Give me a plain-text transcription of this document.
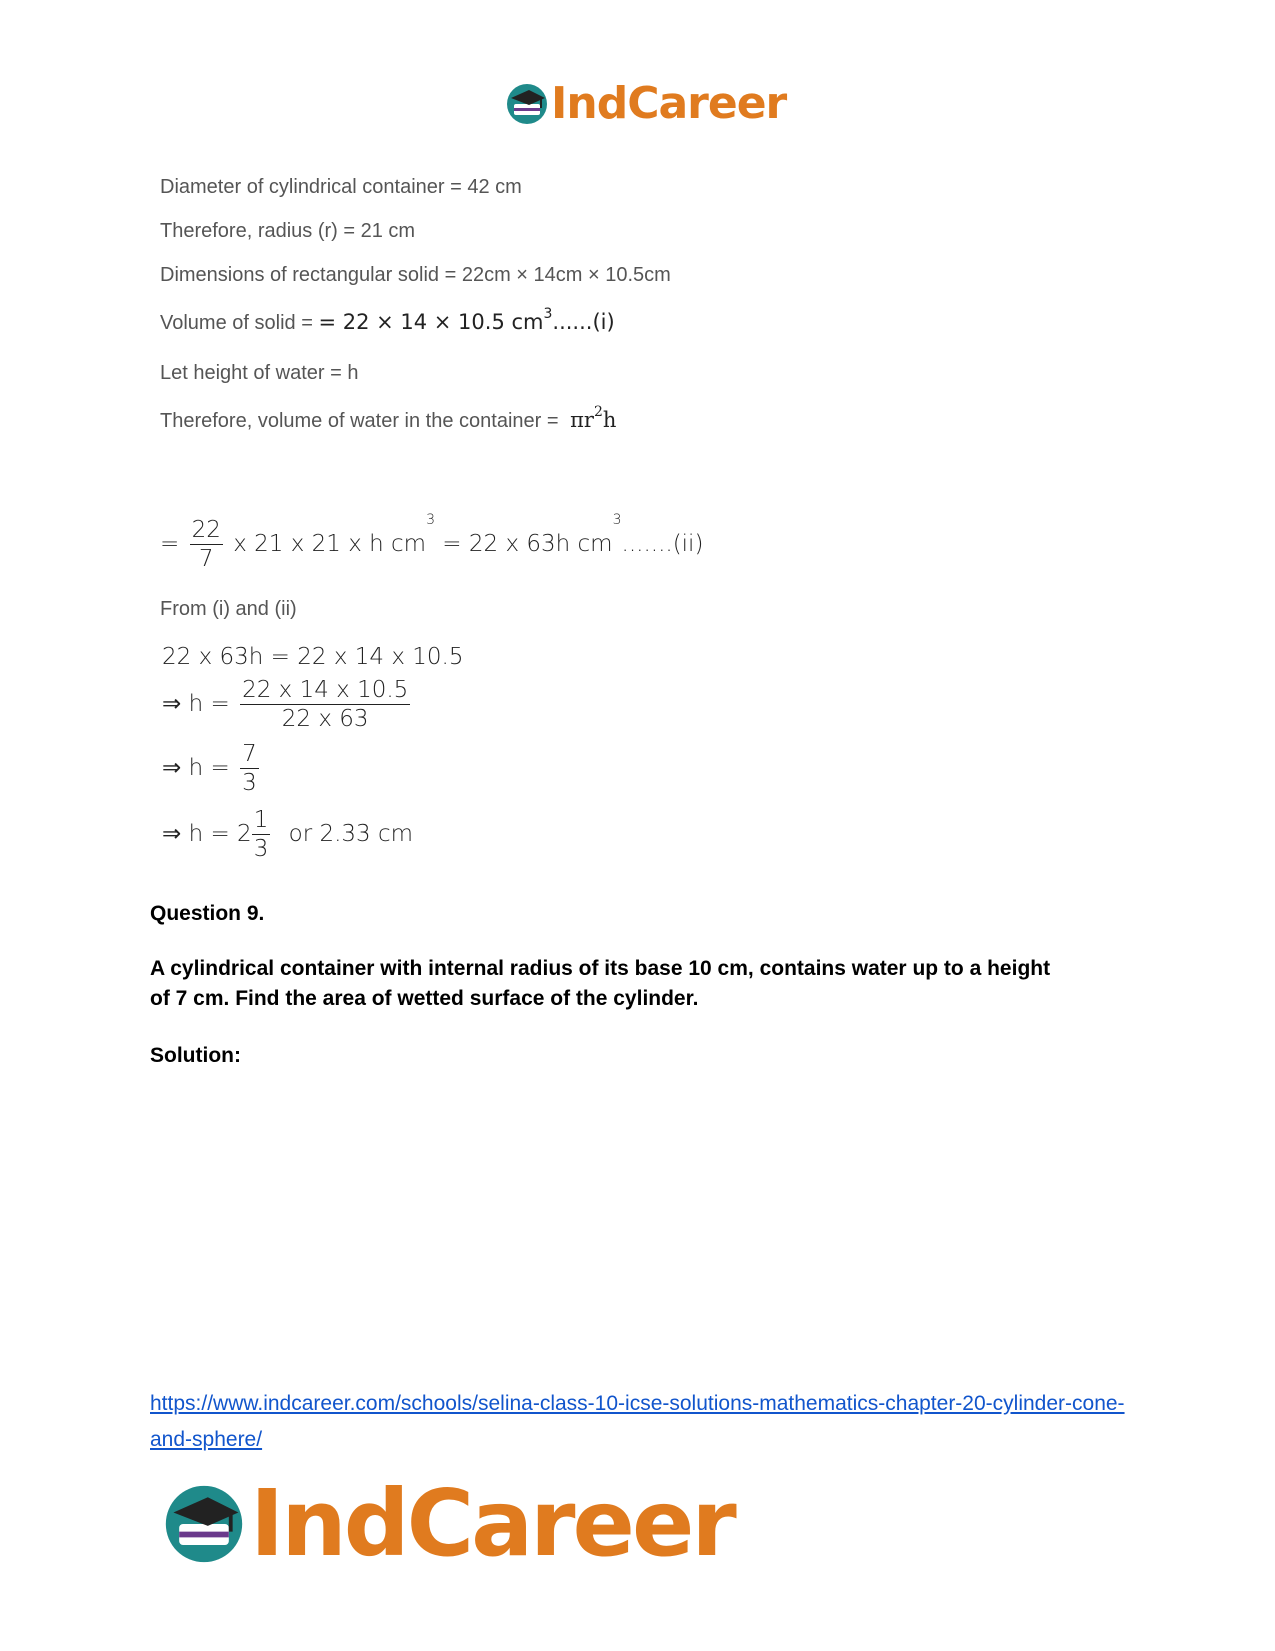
IndCareer
Diameter of cylindrical container = 42 cm
Therefore, radius (r) = 21 cm
Dimensions of rectangular solid = 22cm × 14cm × 10.5cm
Volume of solid = = 22 × 14 × 10.5 $cm^3......(i)$
Let height of water = h
Therefore, volume of water in the container = $\pi r^2h$
= $\frac{22}{7}$ x 21 x 21 x h $cm^3 = 22$ x 63h $cm^3.......(ii)$
From (i) and (ii)
22 x 63h = 22 x 14 x 10.5
⇒ $h = \frac{22 x 14 x 10.5}{22 x 63}$
⇒ $h = \frac{7}{3}$
⇒ $h = 2 \frac{1}{3}$ or 2.33 cm
Question 9.
A cylindrical container with internal radius of its base 10 cm, contains water up to a height of 7 cm. Find the area of wetted surface of the cylinder.
Solution:
https://www.indcareer.com/schools/selina-class-10-icse-solutions-mathematics-chapter-20-cylinder-cone-and-sphere/
IndCareer
